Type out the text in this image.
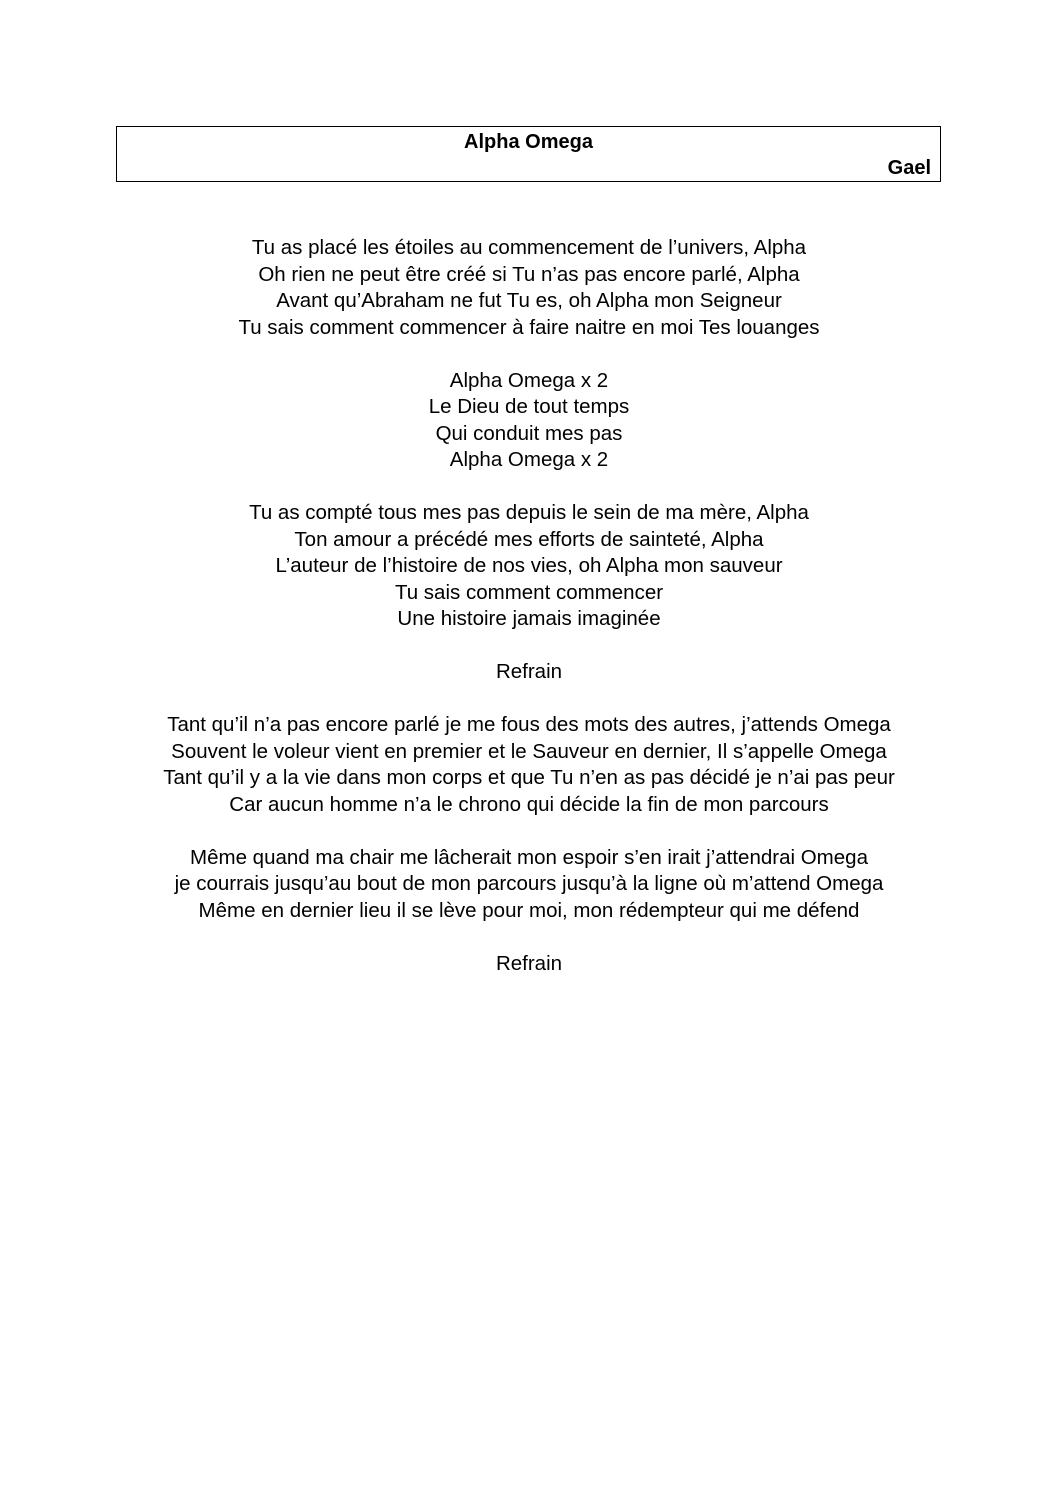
Alpha Omega
Gael
Tu as placé les étoiles au commencement de l’univers, Alpha
Oh rien ne peut être créé si Tu n’as pas encore parlé, Alpha
Avant qu’Abraham ne fut Tu es, oh Alpha mon Seigneur
Tu sais comment commencer à faire naitre en moi Tes louanges
Alpha Omega x 2
Le Dieu de tout temps
Qui conduit mes pas
Alpha Omega x 2
Tu as compté tous mes pas depuis le sein de ma mère, Alpha
Ton amour a précédé mes efforts de sainteté, Alpha
L’auteur de l’histoire de nos vies, oh Alpha mon sauveur
Tu sais comment commencer
Une histoire jamais imaginée
Refrain
Tant qu’il n’a pas encore parlé je me fous des mots des autres, j’attends Omega
Souvent le voleur vient en premier et le Sauveur en dernier, Il s’appelle Omega
Tant qu’il y a la vie dans mon corps et que Tu n’en as pas décidé je n’ai pas peur
Car aucun homme n’a le chrono qui décide la fin de mon parcours
Même quand ma chair me lâcherait mon espoir s’en irait j’attendrai Omega
je courrais jusqu’au bout de mon parcours jusqu’à la ligne où m’attend Omega
Même en dernier lieu il se lève pour moi, mon rédempteur qui me défend
Refrain
